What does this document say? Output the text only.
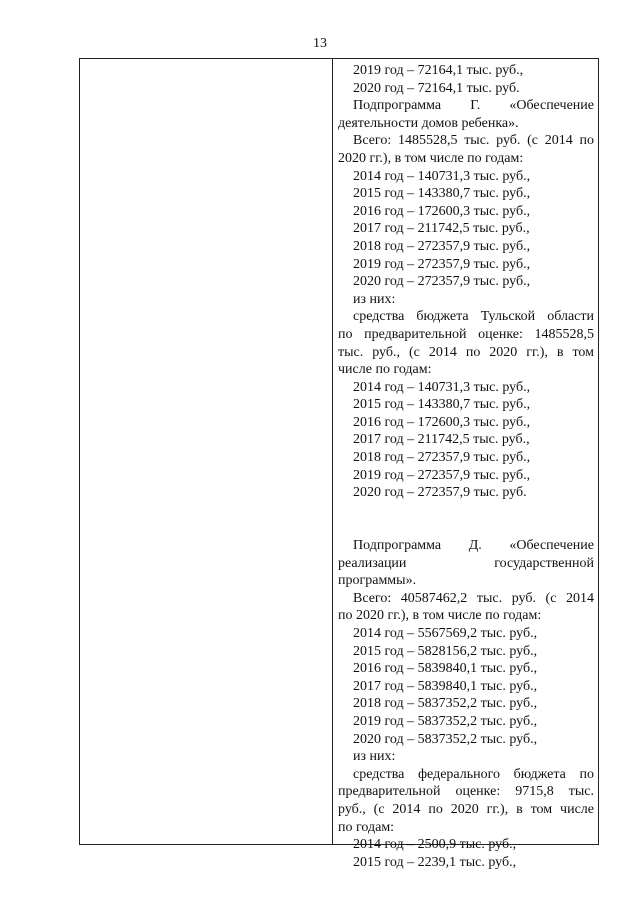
13
2019 год – 72164,1 тыс. руб.,
2020 год – 72164,1 тыс. руб.
Подпрограмма Г. «Обеспечение
деятельности домов ребенка».
Всего: 1485528,5 тыс. руб. (с 2014 по
2020 гг.), в том числе по годам:
2014 год – 140731,3 тыс. руб.,
2015 год – 143380,7 тыс. руб.,
2016 год – 172600,3 тыс. руб.,
2017 год – 211742,5 тыс. руб.,
2018 год – 272357,9 тыс. руб.,
2019 год – 272357,9 тыс. руб.,
2020 год – 272357,9 тыс. руб.,
из них:
средства бюджета Тульской области
по предварительной оценке: 1485528,5
тыс. руб., (с 2014 по 2020 гг.), в том
числе по годам:
2014 год – 140731,3 тыс. руб.,
2015 год – 143380,7 тыс. руб.,
2016 год – 172600,3 тыс. руб.,
2017 год – 211742,5 тыс. руб.,
2018 год – 272357,9 тыс. руб.,
2019 год – 272357,9 тыс. руб.,
2020 год – 272357,9 тыс. руб.
Подпрограмма Д. «Обеспечение
реализации государственной
программы».
Всего: 40587462,2 тыс. руб. (с 2014
по 2020 гг.), в том числе по годам:
2014 год – 5567569,2 тыс. руб.,
2015 год – 5828156,2 тыс. руб.,
2016 год – 5839840,1 тыс. руб.,
2017 год – 5839840,1 тыс. руб.,
2018 год – 5837352,2 тыс. руб.,
2019 год – 5837352,2 тыс. руб.,
2020 год – 5837352,2 тыс. руб.,
из них:
средства федерального бюджета по
предварительной оценке: 9715,8 тыс.
руб., (с 2014 по 2020 гг.), в том числе
по годам:
2014 год – 2500,9 тыс. руб.,
2015 год – 2239,1 тыс. руб.,
